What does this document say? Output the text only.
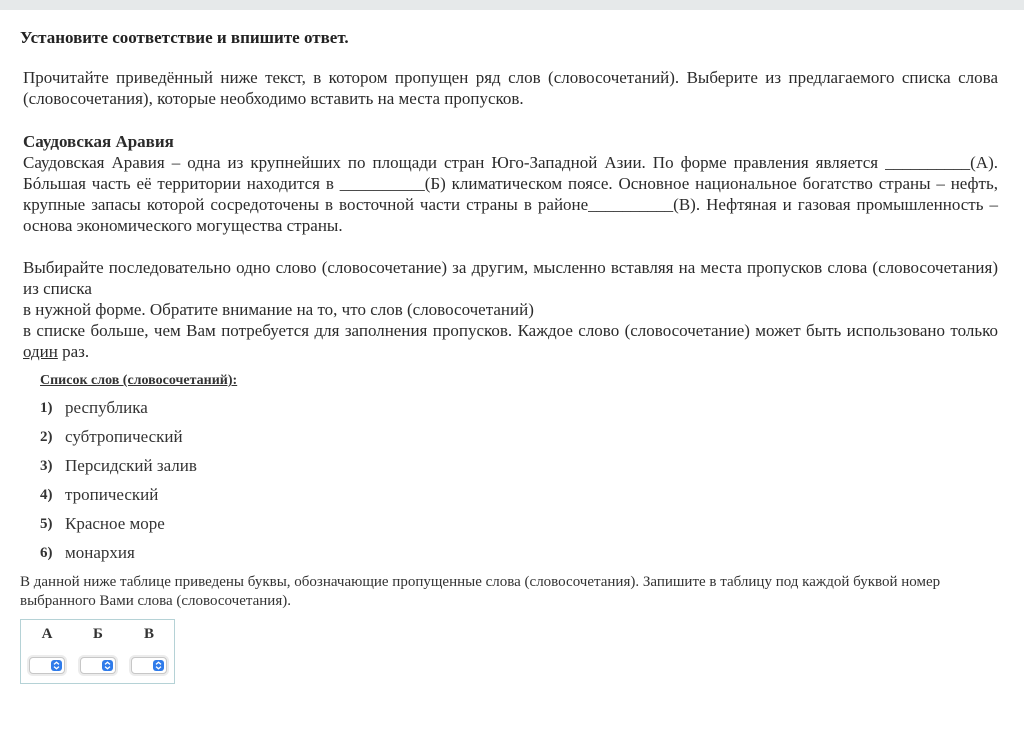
Установите соответствие и впишите ответ.
Прочитайте приведённый ниже текст, в котором пропущен ряд слов (словосочетаний). Выберите из предлагаемого списка слова (словосочетания), которые необходимо вставить на места пропусков.
Саудовская Аравия
Саудовская Аравия – одна из крупнейших по площади стран Юго-Западной Азии. По форме правления является __________(А). Бóльшая часть её территории находится в __________(Б) климатическом поясе. Основное национальное богатство страны – нефть, крупные запасы которой сосредоточены в восточной части страны в районе__________(В). Нефтяная и газовая промышленность – основа экономического могущества страны.
Выбирайте последовательно одно слово (словосочетание) за другим, мысленно вставляя на места пропусков слова (словосочетания) из списка
в нужной форме. Обратите внимание на то, что слов (словосочетаний)
в списке больше, чем Вам потребуется для заполнения пропусков. Каждое слово (словосочетание) может быть использовано только один раз.
Список слов (словосочетаний):
1) республика
2) субтропический
3) Персидский залив
4) тропический
5) Красное море
6) монархия
В данной ниже таблице приведены буквы, обозначающие пропущенные слова (словосочетания). Запишите в таблицу под каждой буквой номер выбранного Вами слова (словосочетания).
А	Б	В
